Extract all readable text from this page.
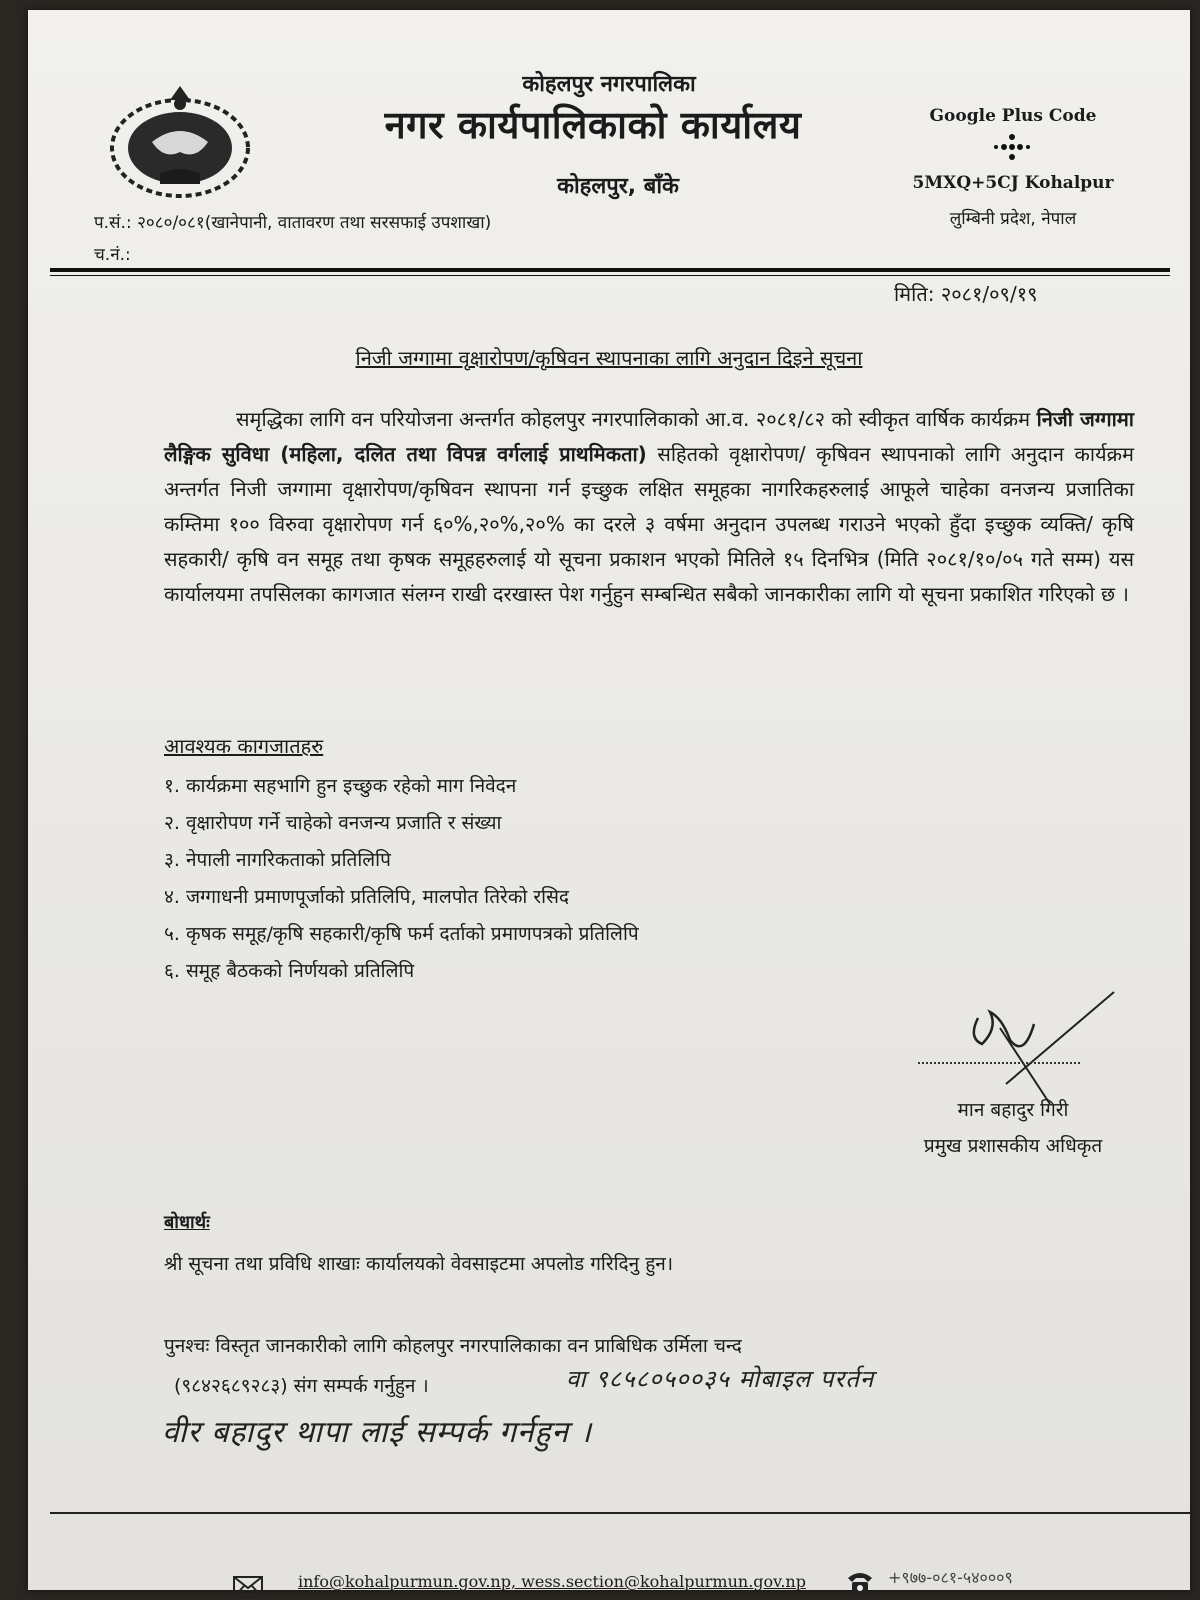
कोहलपुर नगरपालिका
नगर कार्यपालिकाको कार्यालय
कोहलपुर, बाँके
Google Plus Code
5MXQ+5CJ Kohalpur
लुम्बिनी प्रदेश, नेपाल
प.सं.: २०८०/०८१(खानेपानी, वातावरण तथा सरसफाई उपशाखा)
च.नं.:
मिति: २०८१/०९/१९
निजी जग्गामा वृक्षारोपण/कृषिवन स्थापनाका लागि अनुदान दिइने सूचना
समृद्धिका लागि वन परियोजना अन्तर्गत कोहलपुर नगरपालिकाको आ.व. २०८१/८२ को स्वीकृत वार्षिक कार्यक्रम निजी जग्गामा लैङ्गिक सुविधा (महिला, दलित तथा विपन्न वर्गलाई प्राथमिकता) सहितको वृक्षारोपण/ कृषिवन स्थापनाको लागि अनुदान कार्यक्रम अन्तर्गत निजी जग्गामा वृक्षारोपण/कृषिवन स्थापना गर्न इच्छुक लक्षित समूहका नागरिकहरुलाई आफूले चाहेका वनजन्य प्रजातिका कम्तिमा १०० विरुवा वृक्षारोपण गर्न ६०%,२०%,२०% का दरले ३ वर्षमा अनुदान उपलब्ध गराउने भएको हुँदा इच्छुक व्यक्ति/ कृषि सहकारी/ कृषि वन समूह तथा कृषक समूहहरुलाई यो सूचना प्रकाशन भएको मितिले १५ दिनभित्र (मिति २०८१/१०/०५ गते सम्म) यस कार्यालयमा तपसिलका कागजात संलग्न राखी दरखास्त पेश गर्नुहुन सम्बन्धित सबैको जानकारीका लागि यो सूचना प्रकाशित गरिएको छ ।
आवश्यक कागजातहरु
१. कार्यक्रमा सहभागि हुन इच्छुक रहेको माग निवेदन
२. वृक्षारोपण गर्ने चाहेको वनजन्य प्रजाति र संख्या
३. नेपाली नागरिकताको प्रतिलिपि
४. जग्गाधनी प्रमाणपूर्जाको प्रतिलिपि, मालपोत तिरेको रसिद
५. कृषक समूह/कृषि सहकारी/कृषि फर्म दर्ताको प्रमाणपत्रको प्रतिलिपि
६. समूह बैठकको निर्णयको प्रतिलिपि
मान बहादुर गिरी
प्रमुख प्रशासकीय अधिकृत
बोधार्थः
श्री सूचना तथा प्रविधि शाखाः कार्यालयको वेवसाइटमा अपलोड गरिदिनु हुन।
पुनश्चः विस्तृत जानकारीको लागि कोहलपुर नगरपालिकाका वन प्राबिधिक उर्मिला चन्द
(९८४२६८९२८३) संग सम्पर्क गर्नुहुन ।	वा ९८५८०५००३५ मोबाइल परर्तन
वीर बहादुर थापा लाई सम्पर्क गर्नहुन ।
info@kohalpurmun.gov.np, wess.section@kohalpurmun.gov.np	+९७७-०८१-५४०००९
